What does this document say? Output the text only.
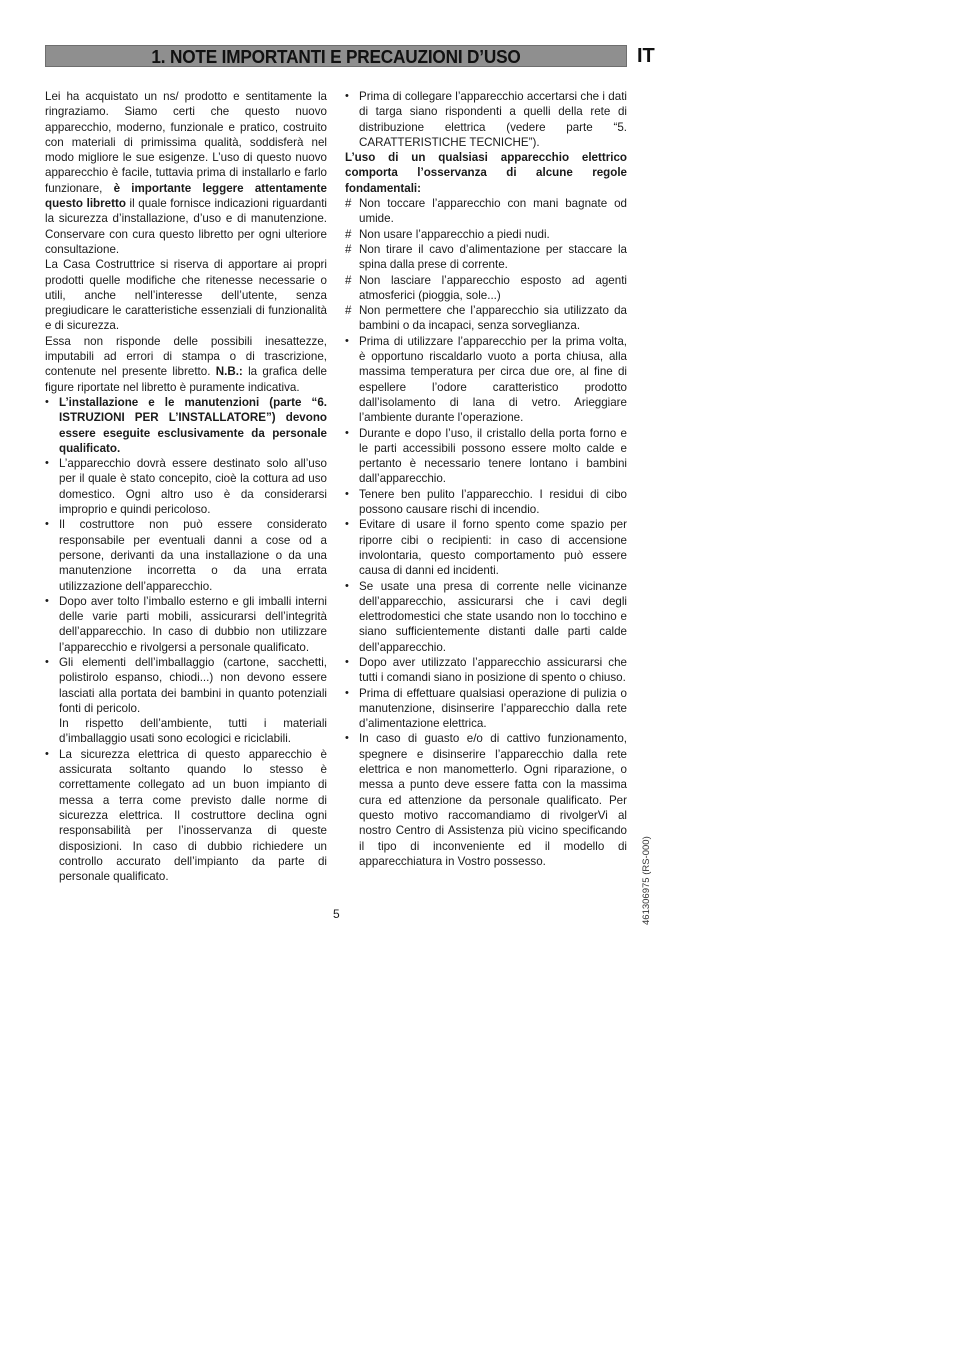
1. NOTE IMPORTANTI E PRECAUZIONI D’USO	IT

Lei ha acquistato un ns/ prodotto e sentitamente la ringraziamo. Siamo certi che questo nuovo apparecchio, moderno, funzionale e pratico, costruito con materiali di primissima qualità, soddisferà nel modo migliore le sue esigenze. L’uso di questo nuovo apparecchio è facile, tuttavia prima di installarlo e farlo funzionare, è importante leggere attentamente questo libretto il quale fornisce indicazioni riguardanti la sicurezza d’installazione, d’uso e di manutenzione. Conservare con cura questo libretto per ogni ulteriore consultazione.

La Casa Costruttrice si riserva di apportare ai propri prodotti quelle modifiche che ritenesse necessarie o utili, anche nell’interesse dell’utente, senza pregiudicare le caratteristiche essenziali di funzionalità e di sicurezza.

Essa non risponde delle possibili inesattezze, imputabili ad errori di stampa o di trascrizione, contenute nel presente libretto. N.B.: la grafica delle figure riportate nel libretto è puramente indicativa.

• L’installazione e le manutenzioni (parte “6. ISTRUZIONI PER L’INSTALLATORE”) devono essere eseguite esclusivamente da personale qualificato.
• L’apparecchio dovrà essere destinato solo all’uso per il quale è stato concepito, cioè la cottura ad uso domestico. Ogni altro uso è da considerarsi improprio e quindi pericoloso.
• Il costruttore non può essere considerato responsabile per eventuali danni a cose od a persone, derivanti da una installazione o da una manutenzione incorretta o da una errata utilizzazione dell’apparecchio.
• Dopo aver tolto l’imballo esterno e gli imballi interni delle varie parti mobili, assicurarsi dell’integrità dell’apparecchio. In caso di dubbio non utilizzare l’apparecchio e rivolgersi a personale qualificato.
• Gli elementi dell’imballaggio (cartone, sacchetti, polistirolo espanso, chiodi...) non devono essere lasciati alla portata dei bambini in quanto potenziali fonti di pericolo.
In rispetto dell’ambiente, tutti i materiali d’imballaggio usati sono ecologici e riciclabili.
• La sicurezza elettrica di questo apparecchio è assicurata soltanto quando lo stesso è correttamente collegato ad un buon impianto di messa a terra come previsto dalle norme di sicurezza elettrica. Il costruttore declina ogni responsabilità per l’inosservanza di queste disposizioni. In caso di dubbio richiedere un controllo accurato dell’impianto da parte di personale qualificato.
• Prima di collegare l’apparecchio accertarsi che i dati di targa siano rispondenti a quelli della rete di distribuzione elettrica (vedere parte “5. CARATTERISTICHE TECNICHE”).

L’uso di un qualsiasi apparecchio elettrico comporta l’osservanza di alcune regole fondamentali:

# Non toccare l’apparecchio con mani bagnate od umide.
# Non usare l’apparecchio a piedi nudi.
# Non tirare il cavo d’alimentazione per staccare la spina dalla prese di corrente.
# Non lasciare l’apparecchio esposto ad agenti atmosferici (pioggia, sole...)
# Non permettere che l’apparecchio sia utilizzato da bambini o da incapaci, senza sorveglianza.
• Prima di utilizzare l’apparecchio per la prima volta, è opportuno riscaldarlo vuoto a porta chiusa, alla massima temperatura per circa due ore, al fine di espellere l’odore caratteristico prodotto dall’isolamento di lana di vetro. Arieggiare l’ambiente durante l’operazione.
• Durante e dopo l’uso, il cristallo della porta forno e le parti accessibili possono essere molto calde e pertanto è necessario tenere lontano i bambini dall’apparecchio.
• Tenere ben pulito l’apparecchio. I residui di cibo possono causare rischi di incendio.
• Evitare di usare il forno spento come spazio per riporre cibi o recipienti: in caso di accensione involontaria, questo comportamento può essere causa di danni ed incidenti.
• Se usate una presa di corrente nelle vicinanze dell’apparecchio, assicurarsi che i cavi degli elettrodomestici che state usando non lo tocchino e siano sufficientemente distanti dalle parti calde dell’apparecchio.
• Dopo aver utilizzato l’apparecchio assicurarsi che tutti i comandi siano in posizione di spento o chiuso.
• Prima di effettuare qualsiasi operazione di pulizia o manutenzione, disinserire l’apparecchio dalla rete d’alimentazione elettrica.
• In caso di guasto e/o di cattivo funzionamento, spegnere e disinserire l’apparecchio dalla rete elettrica e non manometterlo. Ogni riparazione, o messa a punto deve essere fatta con la massima cura ed attenzione da personale qualificato. Per questo motivo raccomandiamo di rivolgerVi al nostro Centro di Assistenza più vicino specificando il tipo di inconveniente ed il modello di apparecchiatura in Vostro possesso.
5	461306975 (RS-000)
